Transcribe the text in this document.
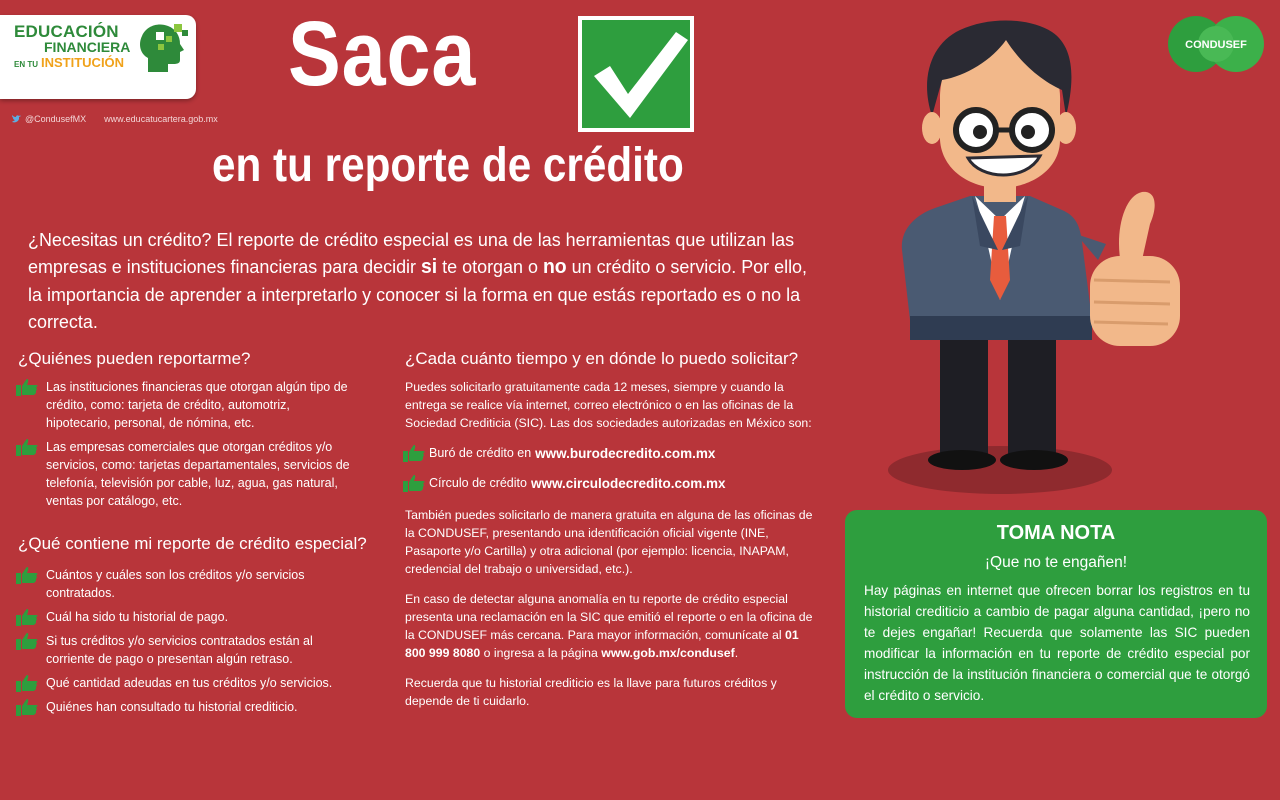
EDUCACIÓN
FINANCIERA
EN TU INSTITUCIÓN
@CondusefMX www.educatucartera.gob.mx
Saca
en tu reporte de crédito
¿Necesitas un crédito? El reporte de crédito especial es una de las herramientas que utilizan las empresas e instituciones financieras para decidir si te otorgan o no un crédito o servicio. Por ello, la importancia de aprender a interpretarlo y conocer si la forma en que estás reportado es o no la correcta.
¿Quiénes pueden reportarme?
Las instituciones financieras que otorgan algún tipo de crédito, como: tarjeta de crédito, automotriz, hipotecario, personal, de nómina, etc.
Las empresas comerciales que otorgan créditos y/o servicios, como: tarjetas departamentales, servicios de telefonía, televisión por cable, luz, agua, gas natural, ventas por catálogo, etc.
¿Qué contiene mi reporte de crédito especial?
Cuántos y cuáles son los créditos y/o servicios contratados.
Cuál ha sido tu historial de pago.
Si tus créditos y/o servicios contratados están al corriente de pago o presentan algún retraso.
Qué cantidad adeudas en tus créditos y/o servicios.
Quiénes han consultado tu historial crediticio.
¿Cada cuánto tiempo y en dónde lo puedo solicitar?
Puedes solicitarlo gratuitamente cada 12 meses, siempre y cuando la entrega se realice vía internet, correo electrónico o en las oficinas de la Sociedad Crediticia (SIC). Las dos sociedades autorizadas en México son:
Buró de crédito en www.burodecredito.com.mx
Círculo de crédito www.circulodecredito.com.mx
También puedes solicitarlo de manera gratuita en alguna de las oficinas de la CONDUSEF, presentando una identificación oficial vigente (INE, Pasaporte y/o Cartilla) y otra adicional (por ejemplo: licencia, INAPAM, credencial del trabajo o universidad, etc.).
En caso de detectar alguna anomalía en tu reporte de crédito especial presenta una reclamación en la SIC que emitió el reporte o en la oficina de la CONDUSEF más cercana. Para mayor información, comunícate al 01 800 999 8080 o ingresa a la página www.gob.mx/condusef.
Recuerda que tu historial crediticio es la llave para futuros créditos y depende de ti cuidarlo.
CONDUSEF
TOMA NOTA
¡Que no te engañen!
Hay páginas en internet que ofrecen borrar los registros en tu historial crediticio a cambio de pagar alguna cantidad, ¡pero no te dejes engañar! Recuerda que solamente las SIC pueden modificar la información en tu reporte de crédito especial por instrucción de la institución financiera o comercial que te otorgó el crédito o servicio.
